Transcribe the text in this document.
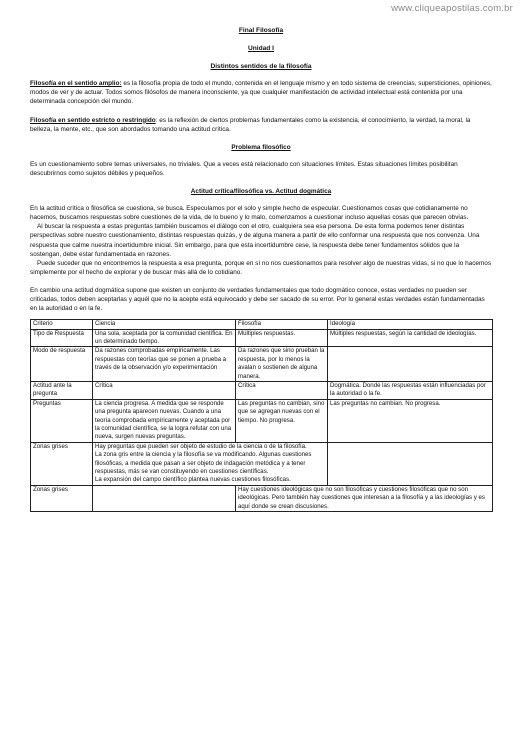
www.cliqueapostilas.com.br

Final Filosofía

Unidad I

Distintos sentidos de la filosofía

Filosofía en el sentido amplio: es la filosofía propia de todo el mundo, contenida en el lenguaje mismo y en todo sistema de creencias, supersticiones, opiniones, modos de ver y de actuar. Todos somos filósofos de manera inconsciente, ya que cualquier manifestación de actividad intelectual está contenida por una determinada concepción del mundo.

Filosofía en sentido estricto o restringido: es la reflexión de ciertos problemas fundamentales como la existencia, el conocimiento, la verdad, la moral, la belleza, la mente, etc., que son abordados tomando una actitud crítica.

Problema filosófico

Es un cuestionamiento sobre temas universales, no triviales. Que a veces está relacionado con situaciones límites. Estas situaciones límites posibilitan descubrirnos como sujetos débiles y pequeños.

Actitud crítica/filosófica vs. Actitud dogmática

En la actitud crítica o filosófica se cuestiona, se busca. Especulamos por el solo y simple hecho de especular. Cuestionamos cosas que cotidianamente no hacemos, buscamos respuestas sobre cuestiones de la vida, de lo bueno y lo malo, comenzamos a cuestionar incluso aquellas cosas que parecen obvias.

Al buscar la respuesta a estas preguntas también buscamos el diálogo con el otro, cualquiera sea esa persona. De esta forma podemos tener distintas perspectivas sobre nuestro cuestionamiento, distintas respuestas quizás, y de alguna manera a partir de ello conformar una respuesta que nos convenza. Una respuesta que calme nuestra incertidumbre inicial. Sin embargo, para que esta incertidumbre cese, la respuesta debe tener fundamentos sólidos que la sostengan, debe estar fundamentada en razones.

Puede suceder que no encontremos la respuesta a esa pregunta, porque en sí no nos cuestionamos para resolver algo de nuestras vidas, si no que lo hacemos simplemente por el hecho de explorar y de buscar más allá de lo cotidiano.

En cambio una actitud dogmática supone que existen un conjunto de verdades fundamentales que todo dogmático conoce, estas verdades no pueden ser criticadas, todos deben aceptarlas y aquél que no la acepte está equivocado y debe ser sacado de su error. Por lo general estas verdades están fundamentadas en la autoridad o en la fe.

Criterio	Ciencia	Filosofía	Ideología
Tipo de Respuesta	Una sola, aceptada por la comunidad científica. En un determinado tiempo.	Múltiples respuestas.	Múltiples respuestas, según la cantidad de ideologías.
Modo de respuesta	Da razones comprobadas empíricamente. Las respuestas con teorías que se ponen a prueba a través de la observación y/o experimentación	Da razones que sino prueban la respuesta, por lo menos la avalan o sostienen de alguna manera.	
Actitud ante la pregunta	Crítica	Crítica	Dogmática. Donde las respuestas están influenciadas por la autoridad o la fe.
Preguntas	La ciencia progresa. A medida que se responde una pregunta aparecen nuevas. Cuando a una teoría comprobada empíricamente y aceptada por la comunidad científica, se la logra refutar con una nueva, surgen nuevas preguntas.	Las preguntas no cambian, sino que se agregan nuevas con el tiempo. No progresa.	Las preguntas no cambian. No progresa.
Zonas grises	Hay preguntas que pueden ser objeto de estudio de la ciencia o de la filosofía.
La zona gris entre la ciencia y la filosofía se va modificando. Algunas cuestiones filosóficas, a medida que pasan a ser objeto de indagación metódica y a tener respuestas, más se van constituyendo en cuestiones científicas.
La expansión del campo científico plantea nuevas cuestiones filosóficas.		

Zonas grises		Hay cuestiones ideológicas que no son filosóficas y cuestiones filosóficas que no son ideológicas. Pero también hay cuestiones que interesan a la filosofía y a las ideologías y es aquí donde se crean discusiones.	
